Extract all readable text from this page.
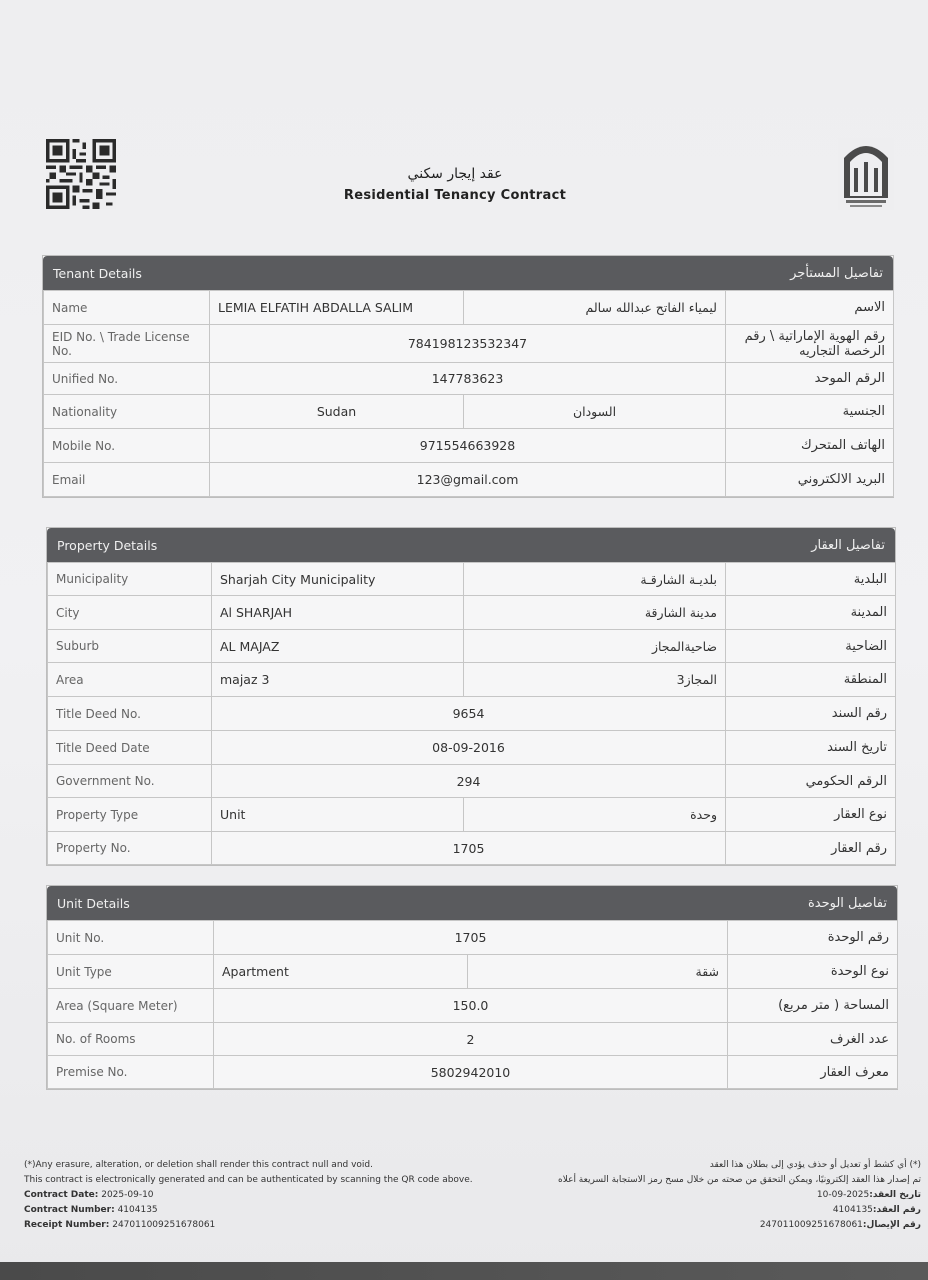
عقد إيجار سكني
Residential Tenancy Contract
Tenant Details	تفاصيل المستأجر
Name	LEMIA ELFATIH ABDALLA SALIM	ليمياء الفاتح عبدالله سالم	الاسم
EID No. \ Trade License No.	784198123532347		رقم الهوية الإماراتية \ رقم الرخصة التجاريه
Unified No.	147783623		الرقم الموحد
Nationality	Sudan	السودان	الجنسية
Mobile No.	971554663928		الهاتف المتحرك
Email	123@gmail.com		البريد الالكتروني
Property Details	تفاصيل العقار
Municipality	Sharjah City Municipality	بلديـة الشارقـة	البلدية
City	Al SHARJAH	مدينة الشارقة	المدينة
Suburb	AL MAJAZ	ضاحيةالمجاز	الضاحية
Area	majaz 3	المجاز3	المنطقة
Title Deed No.	9654		رقم السند
Title Deed Date	08-09-2016		تاريخ السند
Government No.	294		الرقم الحكومي
Property Type	Unit	وحدة	نوع العقار
Property No.	1705		رقم العقار
Unit Details	تفاصيل الوحدة
Unit No.	1705		رقم الوحدة
Unit Type	Apartment	شقة	نوع الوحدة
Area (Square Meter)	150.0		المساحة ( متر مربع)
No. of Rooms	2		عدد الغرف
Premise No.	5802942010		معرف العقار
(*)Any erasure, alteration, or deletion shall render this contract null and void.
This contract is electronically generated and can be authenticated by scanning the QR code above.
Contract Date: 2025-09-10
Contract Number: 4104135
Receipt Number: 247011009251678061
(*) أي كشط أو تعديل أو حذف يؤدي إلى بطلان هذا العقد
تم إصدار هذا العقد إلكترونيًا، ويمكن التحقق من صحته من خلال مسح رمز الاستجابة السريعة أعلاه
تاريخ العقد:2025-09-10
رقم العقد:4104135
رقم الإيصال:247011009251678061
